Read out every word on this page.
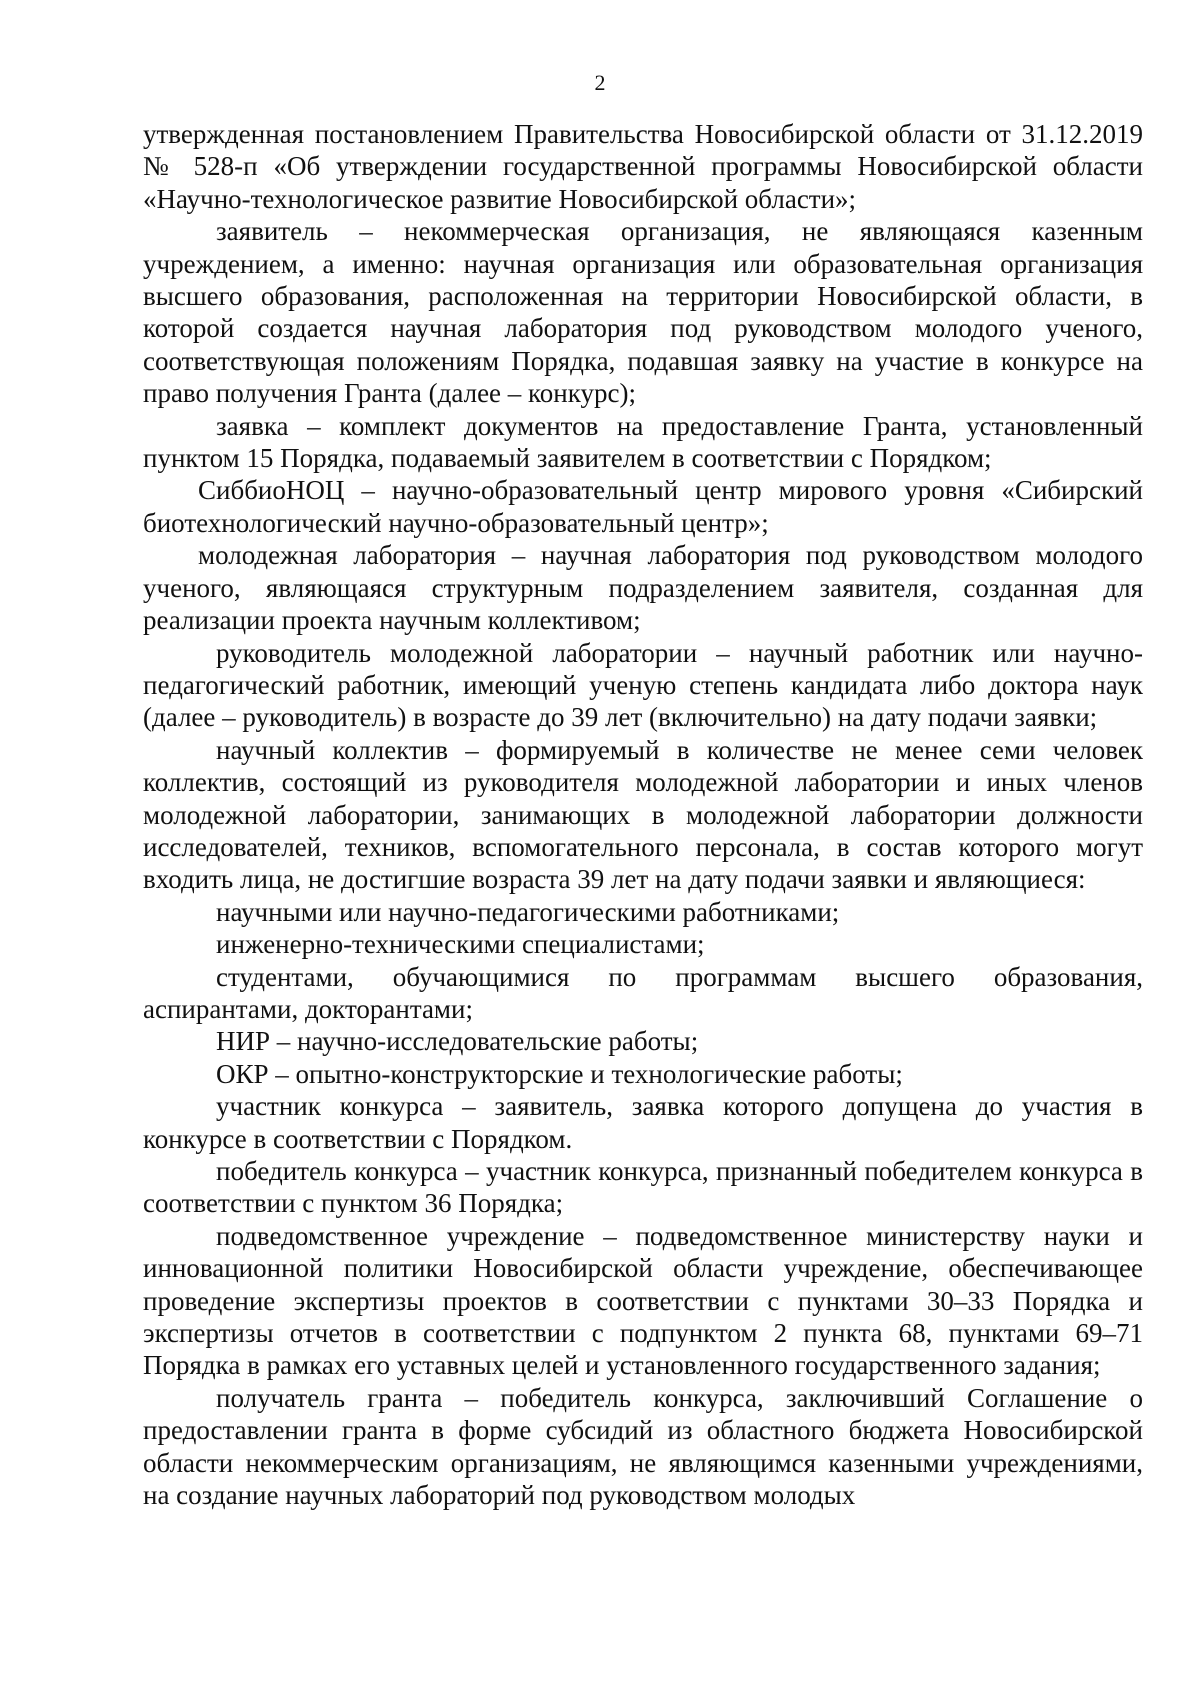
2

утвержденная постановлением Правительства Новосибирской области от 31.12.2019 № 528-п «Об утверждении государственной программы Новосибирской области «Научно-технологическое развитие Новосибирской области»;

заявитель – некоммерческая организация, не являющаяся казенным учреждением, а именно: научная организация или образовательная организация высшего образования, расположенная на территории Новосибирской области, в которой создается научная лаборатория под руководством молодого ученого, соответствующая положениям Порядка, подавшая заявку на участие в конкурсе на право получения Гранта (далее – конкурс);

заявка – комплект документов на предоставление Гранта, установленный пунктом 15 Порядка, подаваемый заявителем в соответствии с Порядком;

СиббиоНОЦ – научно-образовательный центр мирового уровня «Сибирский биотехнологический научно-образовательный центр»;

молодежная лаборатория – научная лаборатория под руководством молодого ученого, являющаяся структурным подразделением заявителя, созданная для реализации проекта научным коллективом;

руководитель молодежной лаборатории – научный работник или научно-педагогический работник, имеющий ученую степень кандидата либо доктора наук (далее – руководитель) в возрасте до 39 лет (включительно) на дату подачи заявки;

научный коллектив – формируемый в количестве не менее семи человек коллектив, состоящий из руководителя молодежной лаборатории и иных членов молодежной лаборатории, занимающих в молодежной лаборатории должности исследователей, техников, вспомогательного персонала, в состав которого могут входить лица, не достигшие возраста 39 лет на дату подачи заявки и являющиеся:

научными или научно-педагогическими работниками;

инженерно-техническими специалистами;

студентами, обучающимися по программам высшего образования, аспирантами, докторантами;

НИР – научно-исследовательские работы;

ОКР – опытно-конструкторские и технологические работы;

участник конкурса – заявитель, заявка которого допущена до участия в конкурсе в соответствии с Порядком.

победитель конкурса – участник конкурса, признанный победителем конкурса в соответствии с пунктом 36 Порядка;

подведомственное учреждение – подведомственное министерству науки и инновационной политики Новосибирской области учреждение, обеспечивающее проведение экспертизы проектов в соответствии с пунктами 30–33 Порядка и экспертизы отчетов в соответствии с подпунктом 2 пункта 68, пунктами 69–71 Порядка в рамках его уставных целей и установленного государственного задания;

получатель гранта – победитель конкурса, заключивший Соглашение о предоставлении гранта в форме субсидий из областного бюджета Новосибирской области некоммерческим организациям, не являющимся казенными учреждениями, на создание научных лабораторий под руководством молодых
